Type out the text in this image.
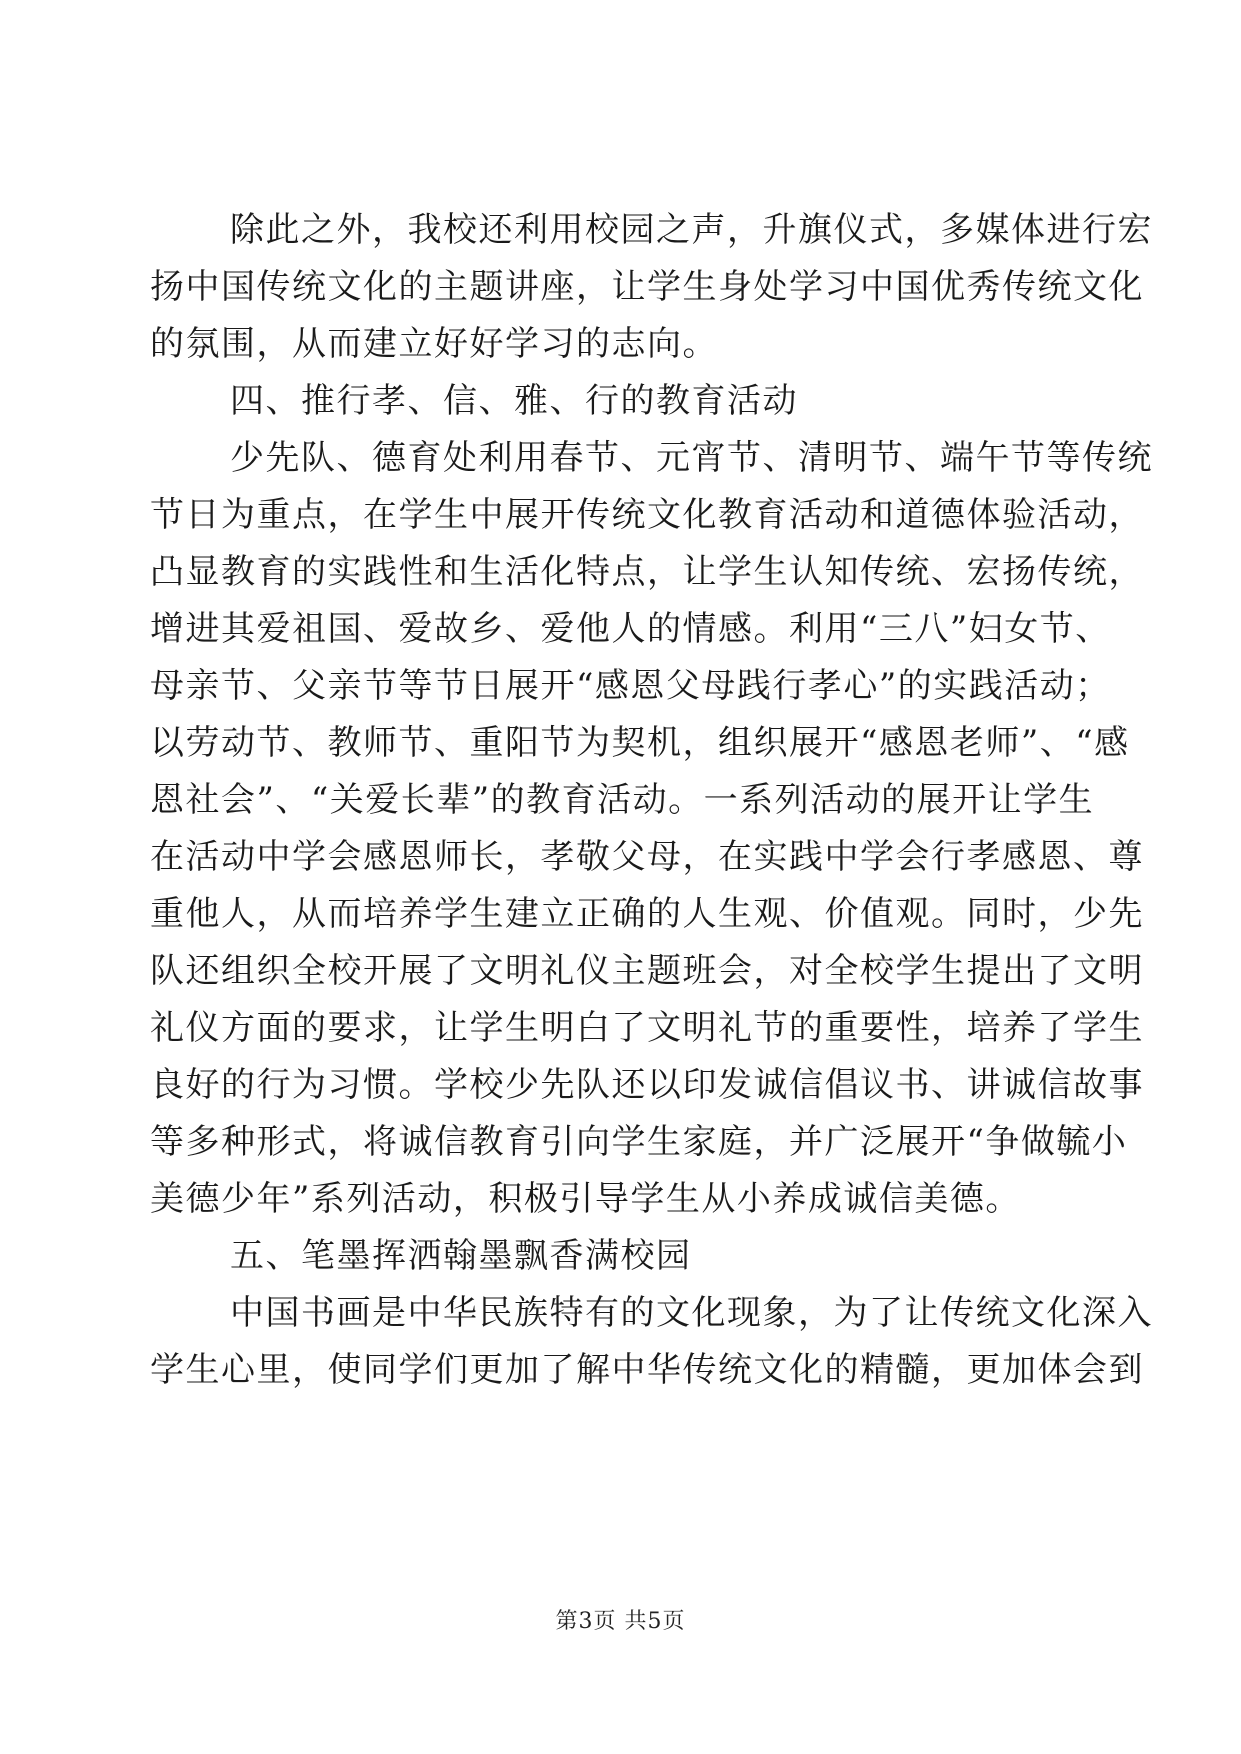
除此之外，我校还利用校园之声，升旗仪式，多媒体进行宏
扬中国传统文化的主题讲座，让学生身处学习中国优秀传统文化
的氛围，从而建立好好学习的志向。
四、推行孝、信、雅、行的教育活动
少先队、德育处利用春节、元宵节、清明节、端午节等传统
节日为重点，在学生中展开传统文化教育活动和道德体验活动，
凸显教育的实践性和生活化特点，让学生认知传统、宏扬传统，
增进其爱祖国、爱故乡、爱他人的情感。利用“三八”妇女节、
母亲节、父亲节等节日展开“感恩父母践行孝心”的实践活动；
以劳动节、教师节、重阳节为契机，组织展开“感恩老师”、“感
恩社会”、“关爱长辈”的教育活动。一系列活动的展开让学生
在活动中学会感恩师长，孝敬父母，在实践中学会行孝感恩、尊
重他人，从而培养学生建立正确的人生观、价值观。同时，少先
队还组织全校开展了文明礼仪主题班会，对全校学生提出了文明
礼仪方面的要求，让学生明白了文明礼节的重要性，培养了学生
良好的行为习惯。学校少先队还以印发诚信倡议书、讲诚信故事
等多种形式，将诚信教育引向学生家庭，并广泛展开“争做毓小
美德少年”系列活动，积极引导学生从小养成诚信美德。
五、笔墨挥洒翰墨飘香满校园
中国书画是中华民族特有的文化现象，为了让传统文化深入
学生心里，使同学们更加了解中华传统文化的精髓，更加体会到
第3页 共5页
